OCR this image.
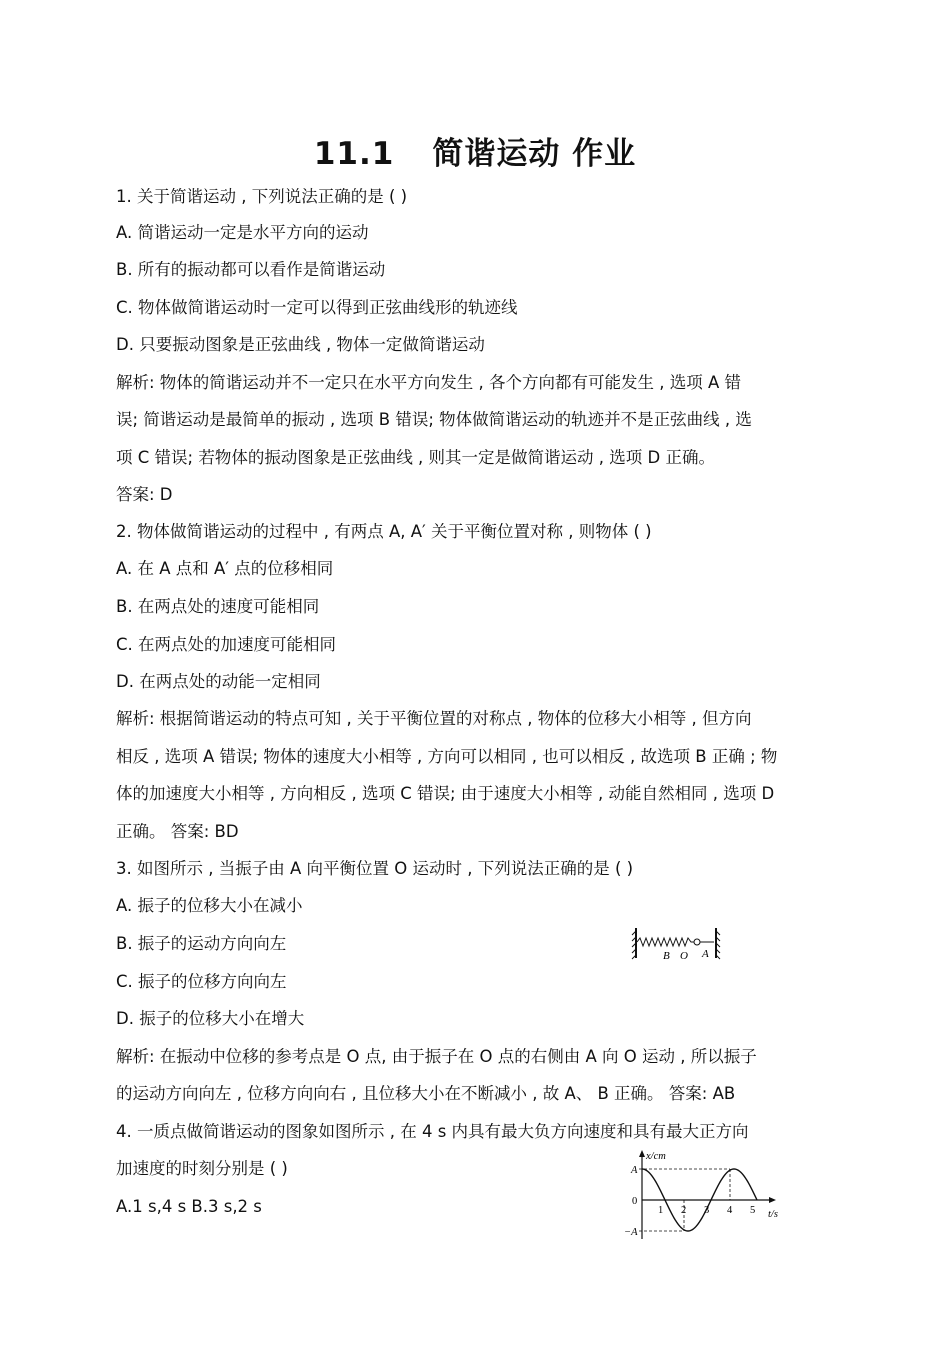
11.1 简谐运动 作业
1. 关于简谐运动 , 下列说法正确的是 ( )
A. 简谐运动一定是水平方向的运动
B. 所有的振动都可以看作是简谐运动
C. 物体做简谐运动时一定可以得到正弦曲线形的轨迹线
D. 只要振动图象是正弦曲线 , 物体一定做简谐运动
解析: 物体的简谐运动并不一定只在水平方向发生 , 各个方向都有可能发生 , 选项 A 错
误; 简谐运动是最简单的振动 , 选项 B 错误; 物体做简谐运动的轨迹并不是正弦曲线 , 选
项 C 错误; 若物体的振动图象是正弦曲线 , 则其一定是做简谐运动 , 选项 D 正确。
答案: D
2. 物体做简谐运动的过程中 , 有两点 A, A′ 关于平衡位置对称 , 则物体 ( )
A. 在 A 点和 A′ 点的位移相同
B. 在两点处的速度可能相同
C. 在两点处的加速度可能相同
D. 在两点处的动能一定相同
解析: 根据简谐运动的特点可知 , 关于平衡位置的对称点 , 物体的位移大小相等 , 但方向
相反 , 选项 A 错误; 物体的速度大小相等 , 方向可以相同 , 也可以相反 , 故选项 B 正确 ; 物
体的加速度大小相等 , 方向相反 , 选项 C 错误; 由于速度大小相等 , 动能自然相同 , 选项 D
正确。 答案: BD
3. 如图所示 , 当振子由 A 向平衡位置 O 运动时 , 下列说法正确的是 ( )
A. 振子的位移大小在减小
B. 振子的运动方向向左
C. 振子的位移方向向左
D. 振子的位移大小在增大
解析: 在振动中位移的参考点是 O 点, 由于振子在 O 点的右侧由 A 向 O 运动 , 所以振子
的运动方向向左 , 位移方向向右 , 且位移大小在不断减小 , 故 A、 B 正确。 答案: AB
4. 一质点做简谐运动的图象如图所示 , 在 4 s 内具有最大负方向速度和具有最大正方向
加速度的时刻分别是 ( )
A.1 s,4 s B.3 s,2 s
B O A
x/cm
t/s
A
0
−A
1 2 3 4 5
